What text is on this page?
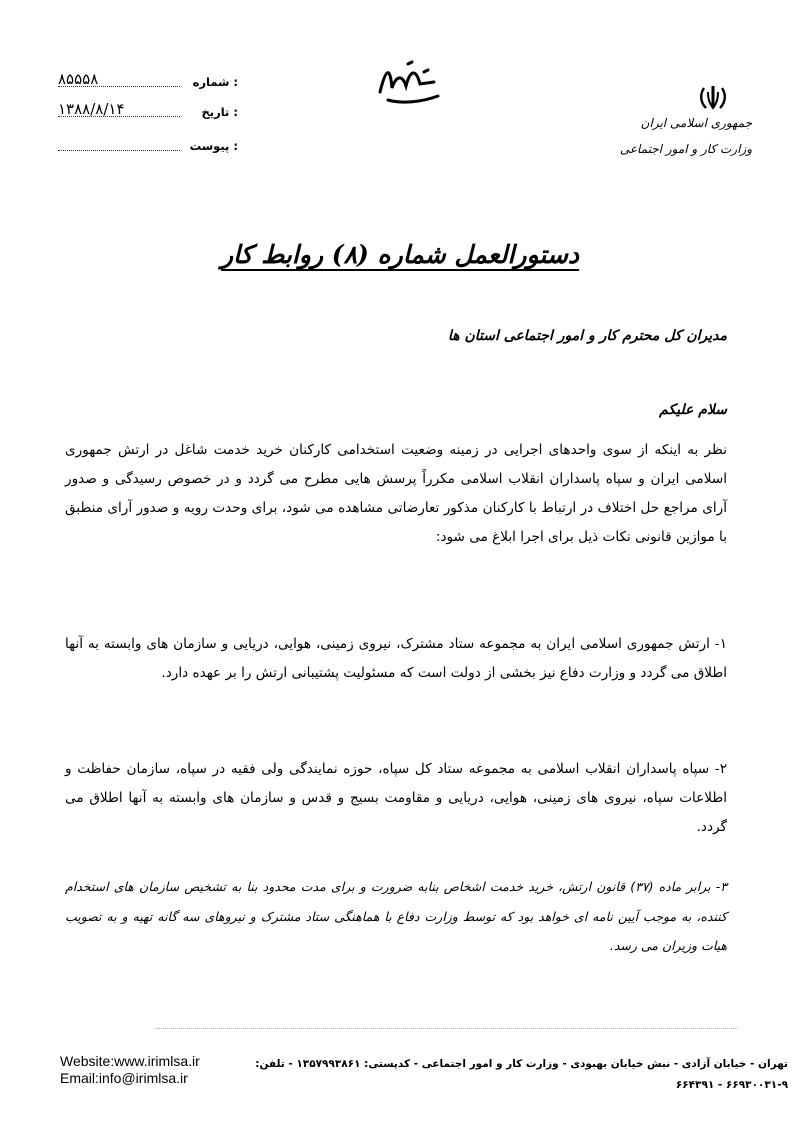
۸۵۵۵۸	شماره :
۱۳۸۸/۸/۱۴	تاریخ :
پیوست :
جمهوری اسلامی ایران
وزارت کار و امور اجتماعی
دستورالعمل شماره (۸) روابط کار
مدیران کل محترم کار و امور اجتماعی استان ها
سلام علیکم
نظر به اینکه از سوی واحدهای اجرایی در زمینه وضعیت استخدامی کارکنان خرید خدمت شاغل در ارتش جمهوری اسلامی ایران و سپاه پاسداران انقلاب اسلامی مکرراً پرسش هایی مطرح می گردد و در خصوص رسیدگی و صدور آرای مراجع حل اختلاف در ارتباط با کارکنان مذکور تعارضاتی مشاهده می شود، برای وحدت رویه و صدور آرای منطبق با موازین قانونی نکات ذیل برای اجرا ابلاغ می شود:
۱- ارتش جمهوری اسلامی ایران به مجموعه ستاد مشترک، نیروی زمینی، هوایی، دریایی و سازمان های وابسته به آنها اطلاق می گردد و وزارت دفاع نیز بخشی از دولت است که مسئولیت پشتیبانی ارتش را بر عهده دارد.
۲- سپاه پاسداران انقلاب اسلامی به مجموعه ستاد کل سپاه، حوزه نمایندگی ولی فقیه در سپاه، سازمان حفاظت و اطلاعات سپاه، نیروی های زمینی، هوایی، دریایی و مقاومت بسیج و قدس و سازمان های وابسته به آنها اطلاق می گردد.
۳- برابر ماده (۳۷) قانون ارتش، خرید خدمت اشخاص بنابه ضرورت و برای مدت محدود بنا به تشخیص سازمان های استخدام کننده، به موجب آیین نامه ای خواهد بود که توسط وزارت دفاع با هماهنگی ستاد مشترک و نیروهای سه گانه تهیه و به تصویب هیات وزیران می رسد.
تهران - خیابان آزادی - نبش خیابان بهبودی - وزارت کار و امور اجتماعی - کدپستی: ۱۳۵۷۹۹۳۸۶۱ - تلفن: ۹-۶۶۹۳۰۰۳۱ - ۶۶۴۳۹۱
Website:www.irimlsa.ir
Email:info@irimlsa.ir
